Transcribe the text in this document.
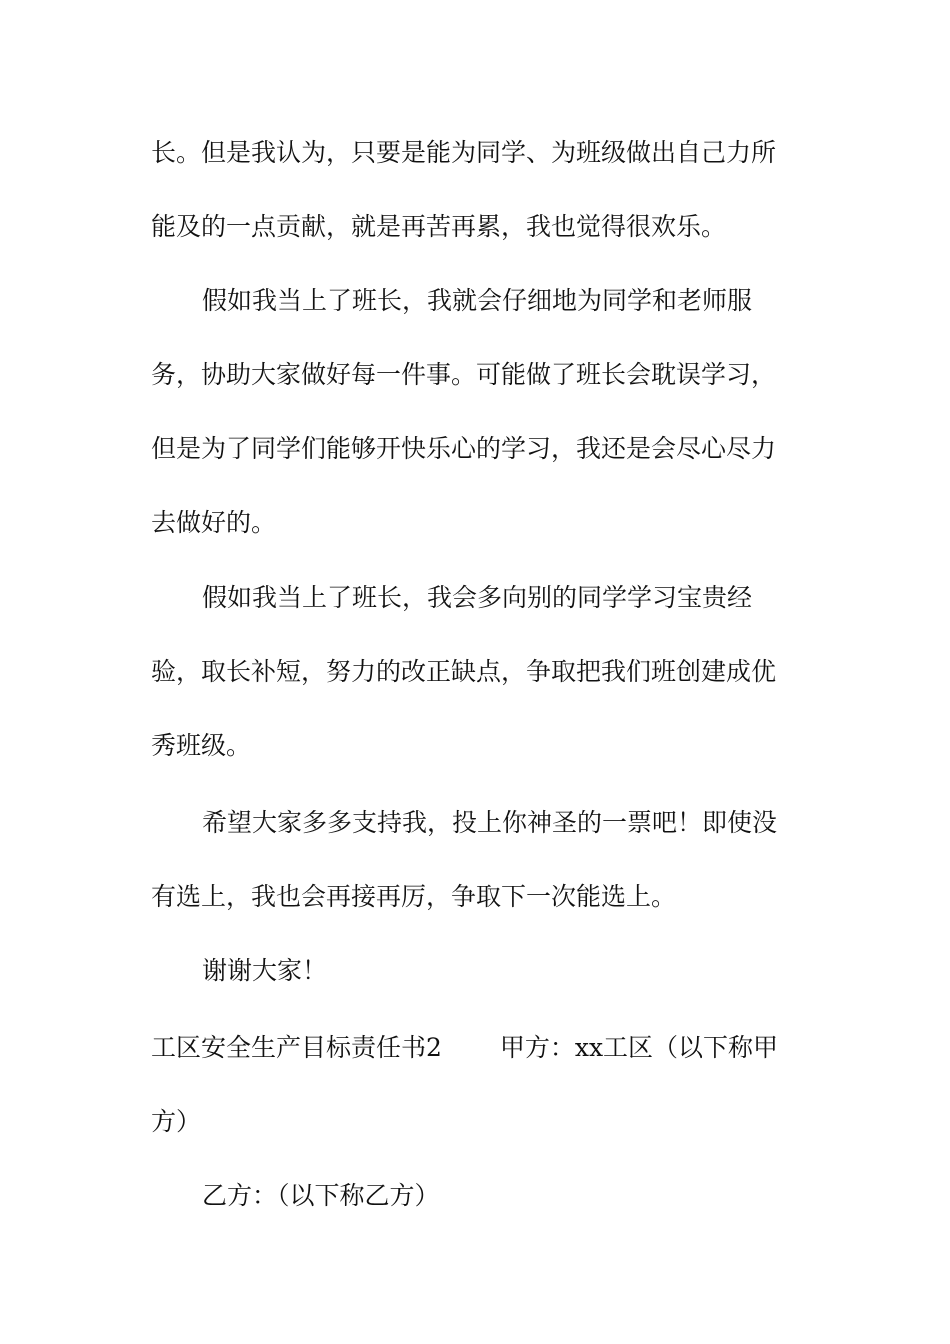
长。但是我认为，只要是能为同学、为班级做出自己力所
能及的一点贡献，就是再苦再累，我也觉得很欢乐。
假如我当上了班长，我就会仔细地为同学和老师服
务，协助大家做好每一件事。可能做了班长会耽误学习，
但是为了同学们能够开快乐心的学习，我还是会尽心尽力
去做好的。
假如我当上了班长，我会多向别的同学学习宝贵经
验，取长补短，努力的改正缺点，争取把我们班创建成优
秀班级。
希望大家多多支持我，投上你神圣的一票吧！即使没
有选上，我也会再接再厉，争取下一次能选上。
谢谢大家！
工区安全生产目标责任书2　　 甲方：xx工区（以下称甲
方）
乙方：（以下称乙方）
